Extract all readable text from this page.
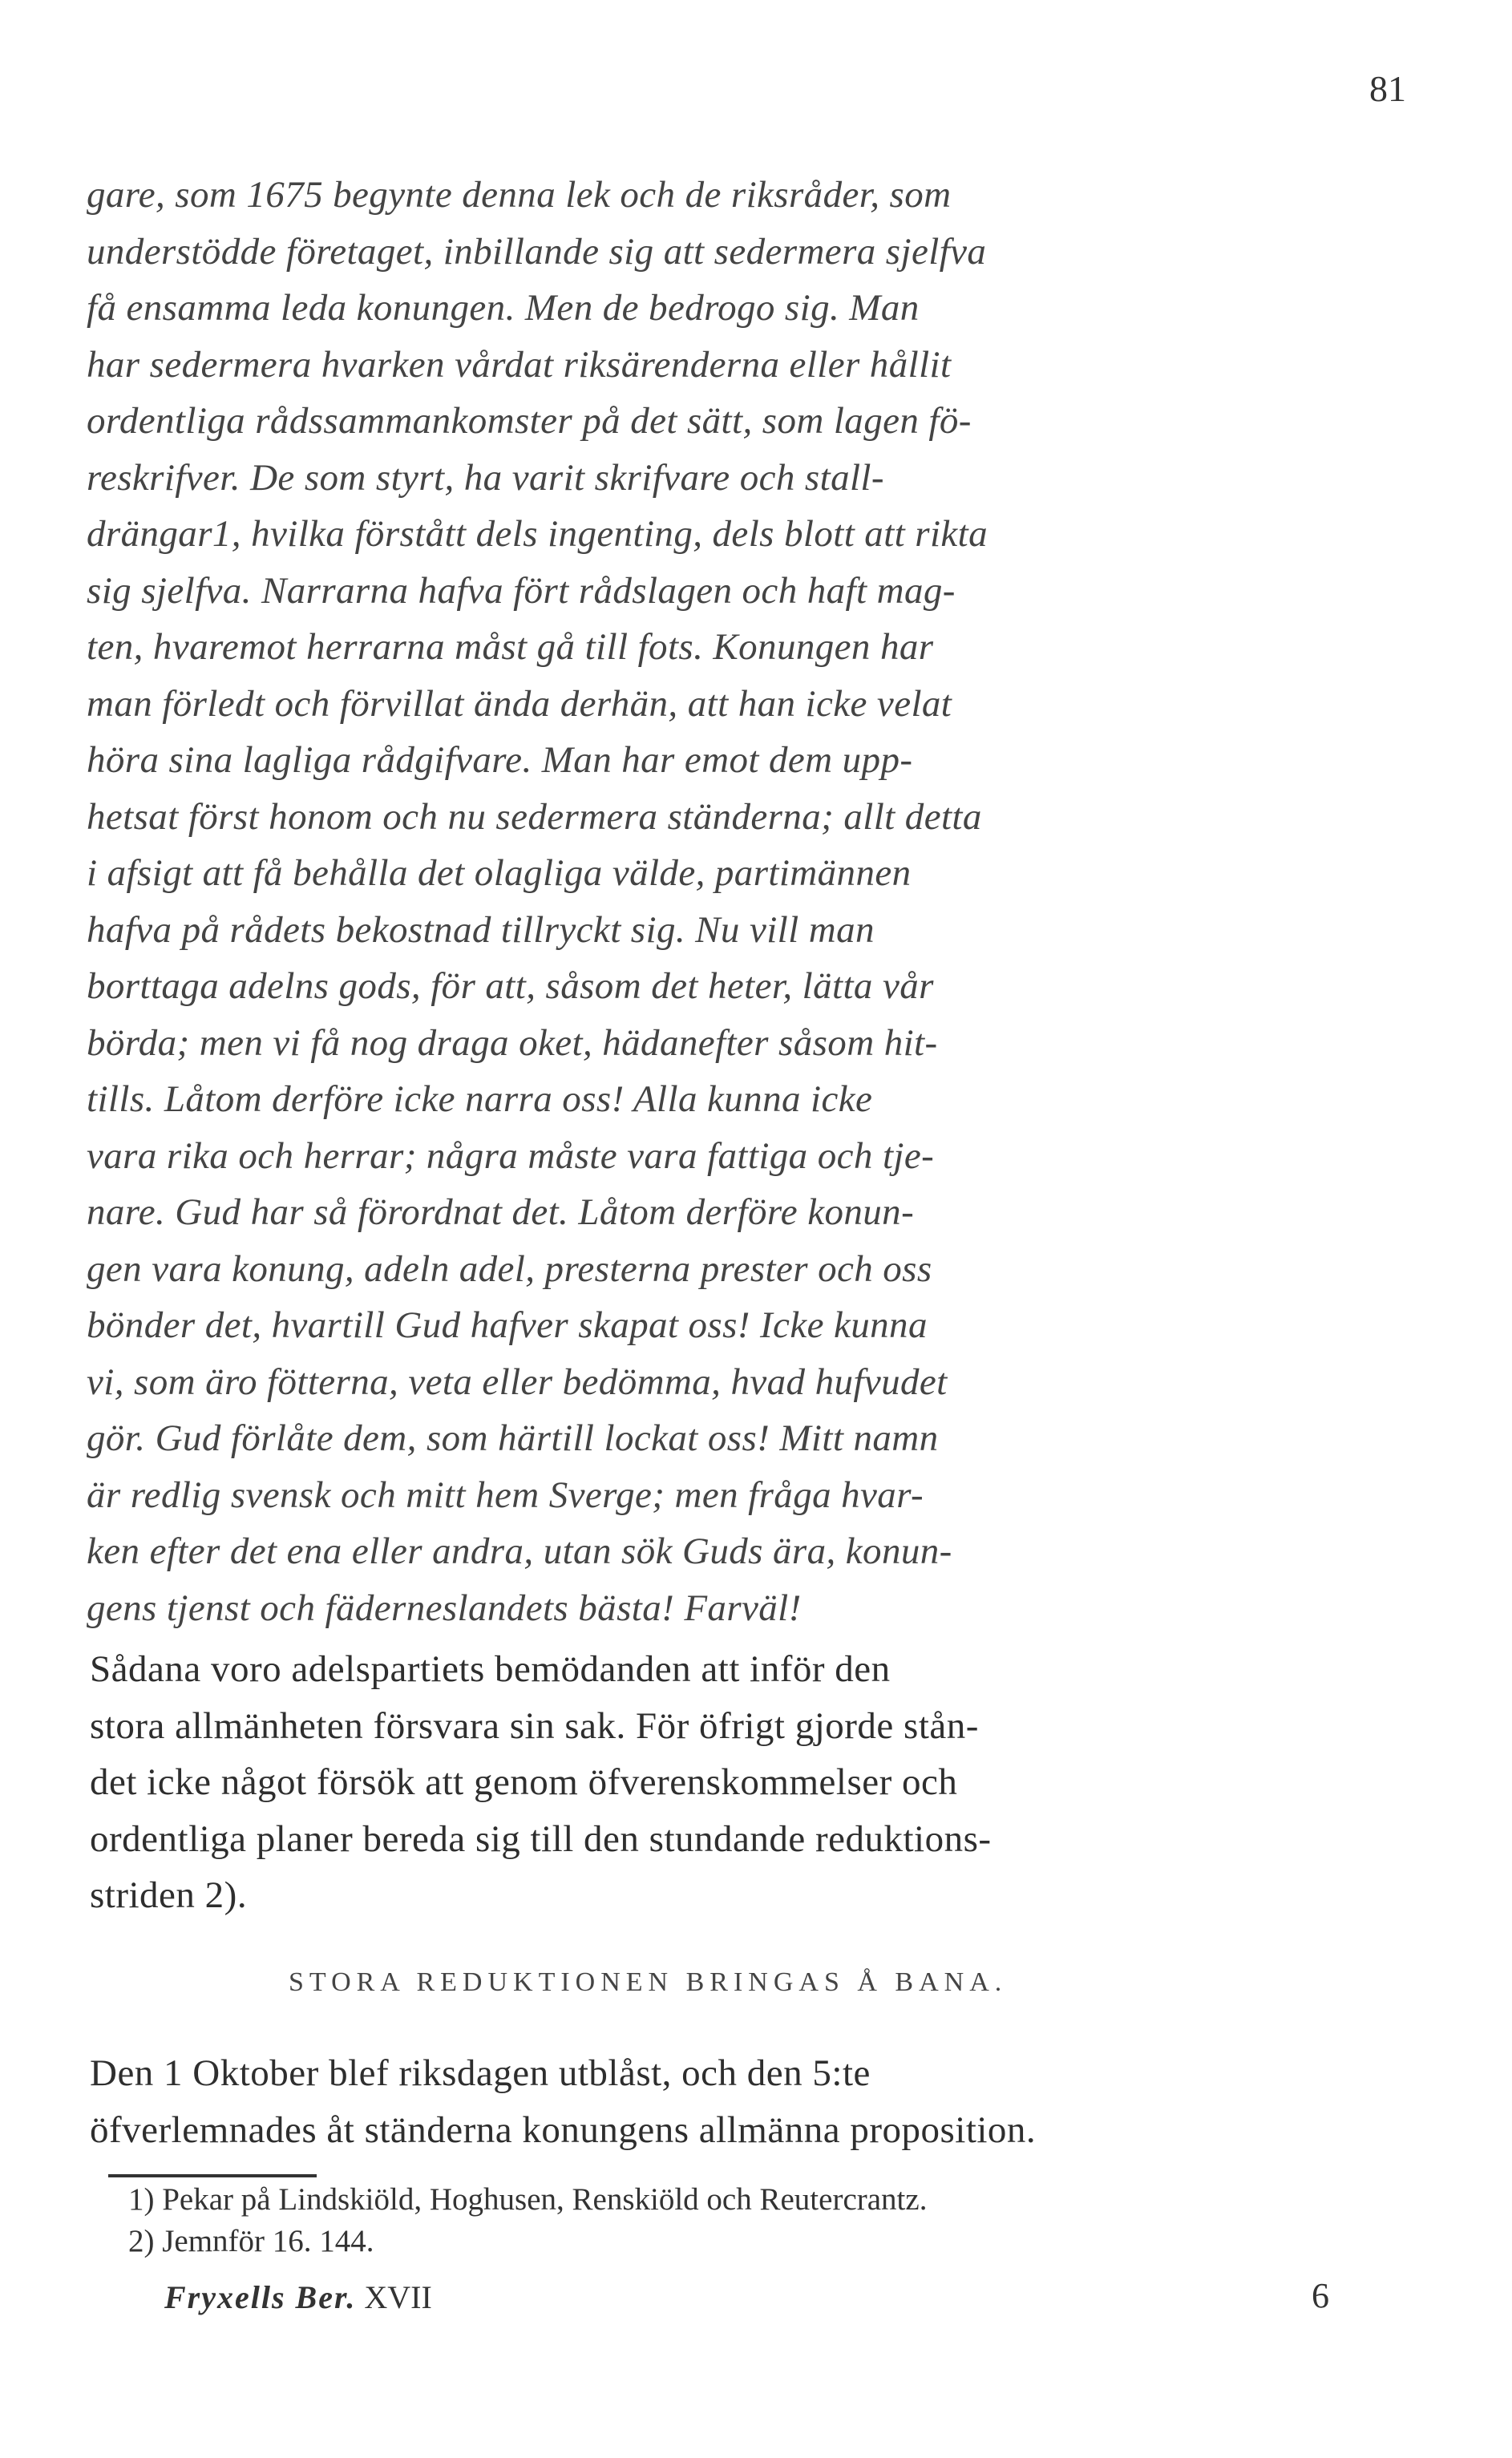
81
gare, som 1675 begynte denna lek och de riksråder, som
understödde företaget, inbillande sig att sedermera sjelfva
få ensamma leda konungen. Men de bedrogo sig. Man
har sedermera hvarken vårdat riksärenderna eller hållit
ordentliga rådssammankomster på det sätt, som lagen fö-
reskrifver. De som styrt, ha varit skrifvare och stall-
drängar1, hvilka förstått dels ingenting, dels blott att rikta
sig sjelfva. Narrarna hafva fört rådslagen och haft mag-
ten, hvaremot herrarna måst gå till fots. Konungen har
man förledt och förvillat ända derhän, att han icke velat
höra sina lagliga rådgifvare. Man har emot dem upp-
hetsat först honom och nu sedermera ständerna; allt detta
i afsigt att få behålla det olagliga välde, partimännen
hafva på rådets bekostnad tillryckt sig. Nu vill man
borttaga adelns gods, för att, såsom det heter, lätta vår
börda; men vi få nog draga oket, hädanefter såsom hit-
tills. Låtom derföre icke narra oss! Alla kunna icke
vara rika och herrar; några måste vara fattiga och tje-
nare. Gud har så förordnat det. Låtom derföre konun-
gen vara konung, adeln adel, presterna prester och oss
bönder det, hvartill Gud hafver skapat oss! Icke kunna
vi, som äro fötterna, veta eller bedömma, hvad hufvudet
gör. Gud förlåte dem, som härtill lockat oss! Mitt namn
är redlig svensk och mitt hem Sverge; men fråga hvar-
ken efter det ena eller andra, utan sök Guds ära, konun-
gens tjenst och fäderneslandets bästa! Farväl!
Sådana voro adelspartiets bemödanden att inför den
stora allmänheten försvara sin sak. För öfrigt gjorde stån-
det icke något försök att genom öfverenskommelser och
ordentliga planer bereda sig till den stundande reduktions-
striden 2).
STORA REDUKTIONEN BRINGAS Å BANA.
Den 1 Oktober blef riksdagen utblåst, och den 5:te
öfverlemnades åt ständerna konungens allmänna proposition.
1) Pekar på Lindskiöld, Hoghusen, Renskiöld och Reutercrantz.
2) Jemnför 16. 144.
Fryxells Ber. XVII	6
